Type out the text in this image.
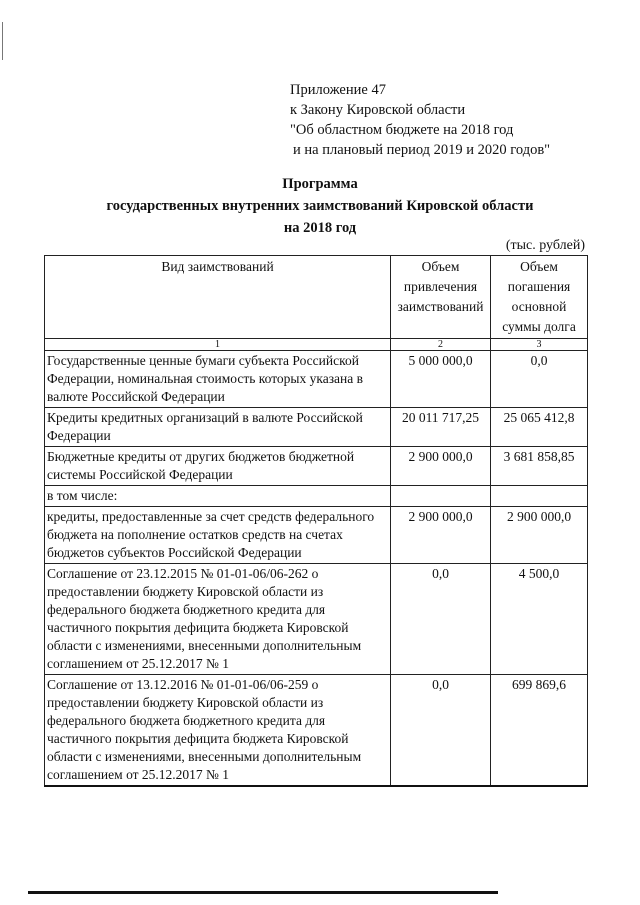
Приложение 47
к Закону Кировской области
"Об областном бюджете на 2018 год
и на плановый период 2019 и 2020 годов"
Программа
государственных внутренних заимствований Кировской области
на 2018 год
(тыс. рублей)
Вид заимствований	Объем привлечения заимствований	Объем погашения основной суммы долга
1	2	3
Государственные ценные бумаги субъекта Российской Федерации, номинальная стоимость которых указана в валюте Российской Федерации	5 000 000,0	0,0
Кредиты кредитных организаций в валюте Российской Федерации	20 011 717,25	25 065 412,8
Бюджетные кредиты от других бюджетов бюджетной системы Российской Федерации	2 900 000,0	3 681 858,85
в том числе:		
кредиты, предоставленные за счет средств федерального бюджета на пополнение остатков средств на счетах бюджетов субъектов Российской Федерации	2 900 000,0	2 900 000,0
Соглашение от 23.12.2015 № 01-01-06/06-262 о предоставлении бюджету Кировской области из федерального бюджета бюджетного кредита для частичного покрытия дефицита бюджета Кировской области с изменениями, внесенными дополнительным соглашением от 25.12.2017 № 1	0,0	4 500,0
Соглашение от 13.12.2016 № 01-01-06/06-259 о предоставлении бюджету Кировской области из федерального бюджета бюджетного кредита для частичного покрытия дефицита бюджета Кировской области с изменениями, внесенными дополнительным соглашением от 25.12.2017 № 1	0,0	699 869,6
